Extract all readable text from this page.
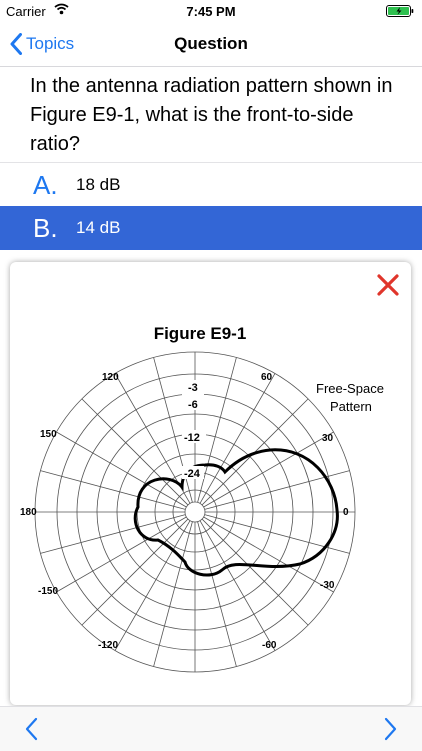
Carrier	7:45 PM
Topics	Question
In the antenna radiation pattern shown in Figure E9-1, what is the front-to-side ratio?
A. 18 dB
B. 14 dB
Figure E9-1
120	60
150	30
180	0
-150
-30
-120	-60
-3
-6
-12
-24
Free-Space
Pattern
